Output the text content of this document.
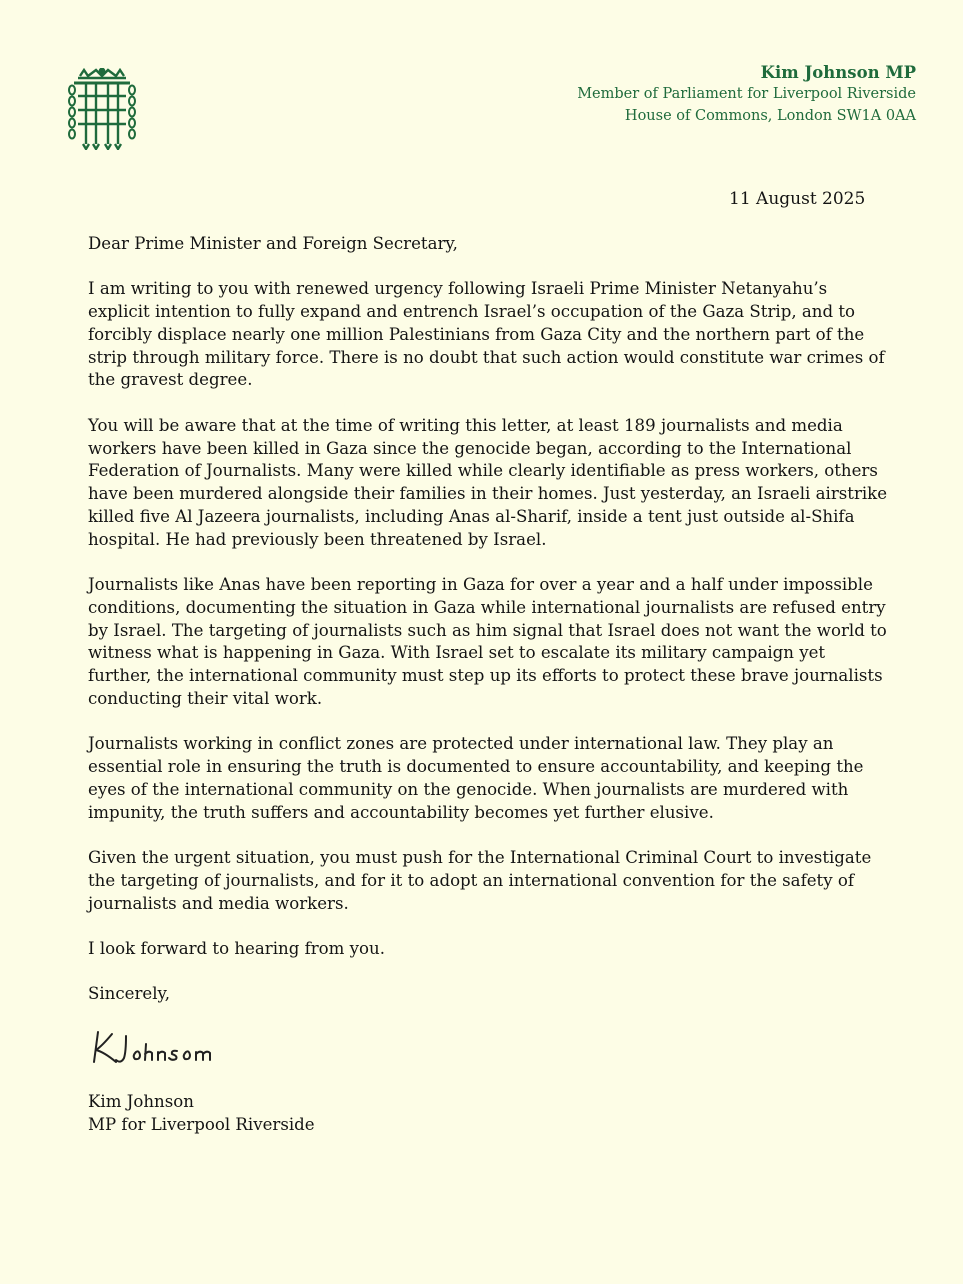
Kim Johnson MP
Member of Parliament for Liverpool Riverside
House of Commons, London SW1A 0AA
11 August 2025

Dear Prime Minister and Foreign Secretary,

I am writing to you with renewed urgency following Israeli Prime Minister Netanyahu’s explicit intention to fully expand and entrench Israel’s occupation of the Gaza Strip, and to forcibly displace nearly one million Palestinians from Gaza City and the northern part of the strip through military force. There is no doubt that such action would constitute war crimes of the gravest degree.

You will be aware that at the time of writing this letter, at least 189 journalists and media workers have been killed in Gaza since the genocide began, according to the International Federation of Journalists. Many were killed while clearly identifiable as press workers, others have been murdered alongside their families in their homes. Just yesterday, an Israeli airstrike killed five Al Jazeera journalists, including Anas al-Sharif, inside a tent just outside al-Shifa hospital. He had previously been threatened by Israel.

Journalists like Anas have been reporting in Gaza for over a year and a half under impossible conditions, documenting the situation in Gaza while international journalists are refused entry by Israel. The targeting of journalists such as him signal that Israel does not want the world to witness what is happening in Gaza. With Israel set to escalate its military campaign yet further, the international community must step up its efforts to protect these brave journalists conducting their vital work.

Journalists working in conflict zones are protected under international law. They play an essential role in ensuring the truth is documented to ensure accountability, and keeping the eyes of the international community on the genocide. When journalists are murdered with impunity, the truth suffers and accountability becomes yet further elusive.

Given the urgent situation, you must push for the International Criminal Court to investigate the targeting of journalists, and for it to adopt an international convention for the safety of journalists and media workers.

I look forward to hearing from you.

Sincerely,

Kim Johnson
MP for Liverpool Riverside
